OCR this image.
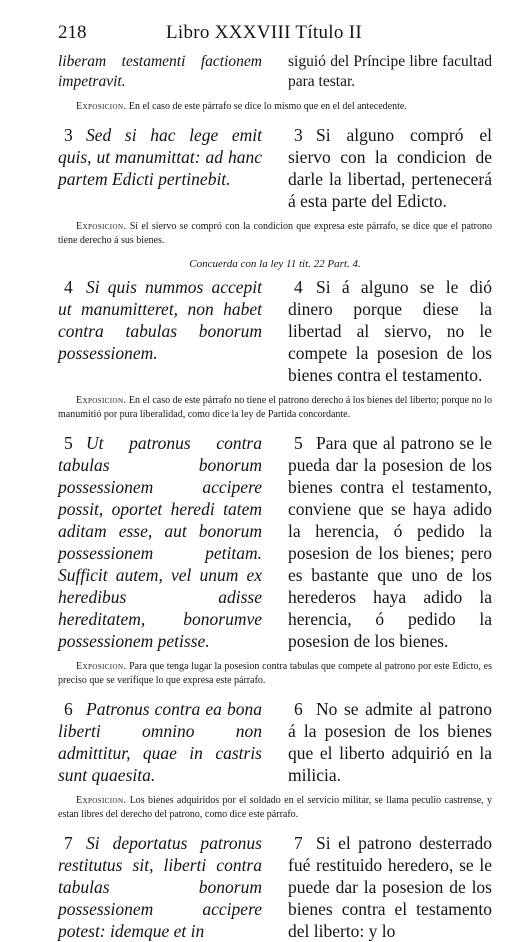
218	Libro XXXVIII Título II
liberam testamenti factionem impetravit.
siguió del Príncipe libre facultad para testar.
Exposicion. En el caso de este párrafo se dice lo mismo que en el del antecedente.
3 Sed si hac lege emit quis, ut manumittat: ad hanc partem Edicti pertinebit.
3 Si alguno compró el siervo con la condicion de darle la libertad, pertenecerá á esta parte del Edicto.
Exposicion. Si el siervo se compró con la condicion que expresa este párrafo, se dice que el patrono tiene derecho á sus bienes.
Concuerda con la ley 11 tit. 22 Part. 4.
4 Si quis nummos accepit ut manumitteret, non habet contra tabulas bonorum possessionem.
4 Si á alguno se le dió dinero porque diese la libertad al siervo, no le compete la posesion de los bienes contra el testamento.
Exposicion. En el caso de este párrafo no tiene el patrono derecho á los bienes del liberto; porque no lo manumitió por pura liberalidad, como dice la ley de Partida concordante.
5 Ut patronus contra tabulas bonorum possessionem accipere possit, oportet heredi tatem aditam esse, aut bonorum possessionem petitam. Sufficit autem, vel unum ex heredibus adisse hereditatem, bonorumve possessionem petisse.
5 Para que al patrono se le pueda dar la posesion de los bienes contra el testamento, conviene que se haya adido la herencia, ó pedido la posesion de los bienes; pero es bastante que uno de los herederos haya adido la herencia, ó pedido la posesion de los bienes.
Exposicion. Para que tenga lugar la posesion contra tabulas que compete al patrono por este Edicto, es preciso que se verifique lo que expresa este párrafo.
6 Patronus contra ea bona liberti omnino non admittitur, quae in castris sunt quaesita.
6 No se admite al patrono á la posesion de los bienes que el liberto adquirió en la milicia.
Exposicion. Los bienes adquiridos por el soldado en el servicio militar, se llama peculio castrense, y estan libres del derecho del patrono, como dice este párrafo.
7 Si deportatus patronus restitutus sit, liberti contra tabulas bonorum possessionem accipere potest: idemque et in
7 Si el patrono desterrado fué restituido heredero, se le puede dar la posesion de los bienes contra el testamento del liberto: y lo
